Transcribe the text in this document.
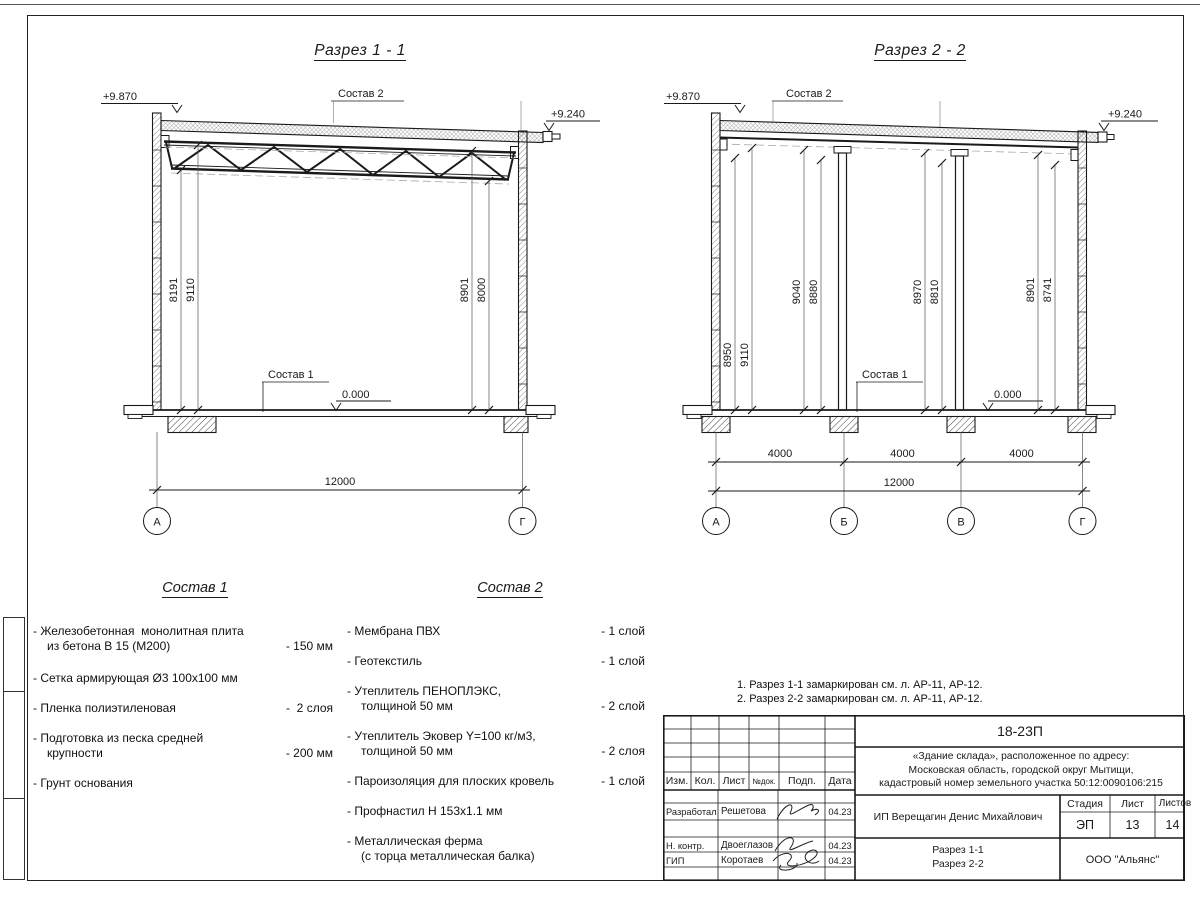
Разрез 1 - 1	Разрез 2 - 2
+9.870
+9.240
Состав 2
Состав 1
0.000
8191 9110	8901 8000
12000
А	Г
+9.870
+9.240
Состав 2
Состав 1
0.000
8950 9110
9040 8880	8970 8810	8901 8741
4000	4000	4000
12000
А	Б	В	Г
Состав 1	Состав 2
- Железобетонная  монолитная плита
из бетона В 15 (М200)	- 150 мм
- Сетка армирующая Ø3 100х100 мм
- Пленка полиэтиленовая	-  2 слоя
- Подготовка из песка средней
крупности	- 200 мм
- Грунт основания
- Мембрана ПВХ	- 1 слой
- Геотекстиль	- 1 слой
- Утеплитель ПЕНОПЛЭКС,
толщиной 50 мм	- 2 слой
- Утеплитель Эковер Y=100 кг/м3,
толщиной 50 мм	- 2 слоя
- Пароизоляция для плоских кровель	- 1 слой
- Профнастил Н 153х1.1 мм
- Металлическая ферма
(с торца металлическая балка)
1. Разрез 1-1 замаркирован см. л. АР-11, АР-12.
2. Разрез 2-2 замаркирован см. л. АР-11, АР-12.
Изм. Кол. Лист №док.	Подп.	Дата
Разработал Решетова	04.23
Н. контр.	Двоеглазов	04.23
ГИП	Коротаев	04.23
18-23П
«Здание склада», расположенное по адресу:
Московская область, городской округ Мытищи,
кадастровый номер земельного участка 50:12:0090106:215
ИП Верещагин Денис Михайлович
Стадия	Лист	Листов
ЭП	13	14
Разрез 1-1
Разрез 2-2	ООО "Альянс"
